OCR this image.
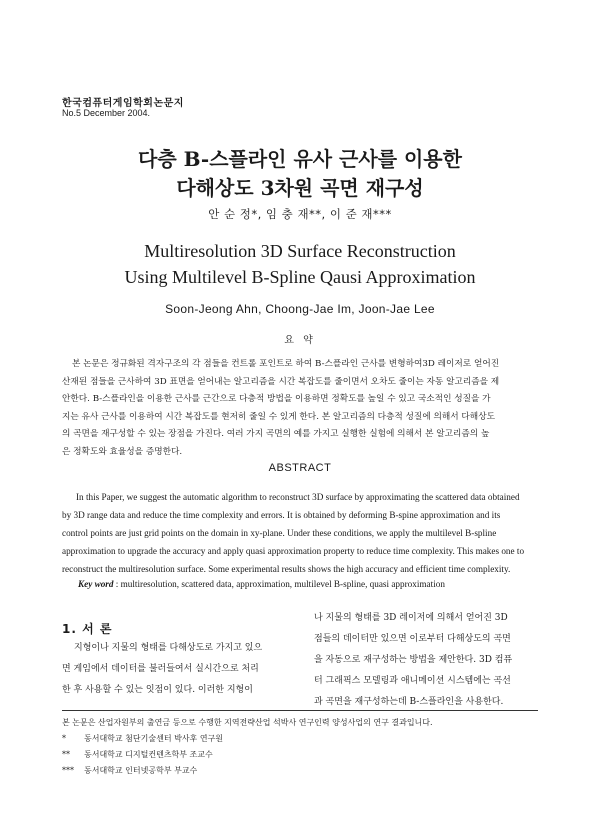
한국컴퓨터게임학회논문지
No.5 December 2004.
다층 B-스플라인 유사 근사를 이용한
다해상도 3차원 곡면 재구성
안 순 정*, 임 충 재**, 이 준 재***
Multiresolution 3D Surface Reconstruction
Using Multilevel B-Spline Qausi Approximation
Soon-Jeong Ahn, Choong-Jae Im, Joon-Jae Lee
요 약
본 논문은 정규화된 격자구조의 각 점들을 컨트롤 포인트로 하여 B-스플라인 근사를 변형하여3D 레이저로 얻어진
산재된 점들을 근사하여 3D 표면을 얻어내는 알고리즘을 시간 복잡도를 줄이면서 오차도 줄이는 자동 알고리즘을 제
안한다. B-스플라인을 이용한 근사를 근간으로 다층적 방법을 이용하면 정확도를 높일 수 있고 국소적인 성질을 가
지는 유사 근사를 이용하여 시간 복잡도를 현저히 줄일 수 있게 한다. 본 알고리즘의 다층적 성질에 의해서 다해상도
의 곡면을 재구성할 수 있는 장점을 가진다. 여러 가지 곡면의 예를 가지고 실행한 실험에 의해서 본 알고리즘의 높
은 정확도와 효율성을 증명한다.
ABSTRACT
In this Paper, we suggest the automatic algorithm to reconstruct 3D surface by approximating the scattered data obtained
by 3D range data and reduce the time complexity and errors. It is obtained by deforming B-spine approximation and its
control points are just grid points on the domain in xy-plane. Under these conditions, we apply the multilevel B-spline
approximation to upgrade the accuracy and apply quasi approximation property to reduce time complexity. This makes one to
reconstruct the multiresolution surface. Some experimental results shows the high accuracy and efficient time complexity.
Key word : multiresolution, scattered data, approximation, multilevel B-spline, quasi approximation
1. 서 론
지형이나 지물의 형태를 다해상도로 가지고 있으
면 게임에서 데이터를 불러들여서 실시간으로 처리
한 후 사용할 수 있는 잇점이 있다. 이러한 지형이
나 지물의 형태를 3D 레이저에 의해서 얻어진 3D
점들의 데이터만 있으면 이로부터 다해상도의 곡면
을 자동으로 재구성하는 방법을 제안한다. 3D 컴퓨
터 그래픽스 모델링과 애니메이션 시스템에는 곡선
과 곡면을 재구성하는데 B-스플라인을 사용한다.
본 논문은 산업자원부의 출연금 등으로 수행한 지역전략산업 석박사 연구인력 양성사업의 연구 결과입니다.
* 동서대학교 첨단기술센터 박사후 연구원
** 동서대학교 디지털컨텐츠학부 조교수
*** 동서대학교 인터넷공학부 부교수
